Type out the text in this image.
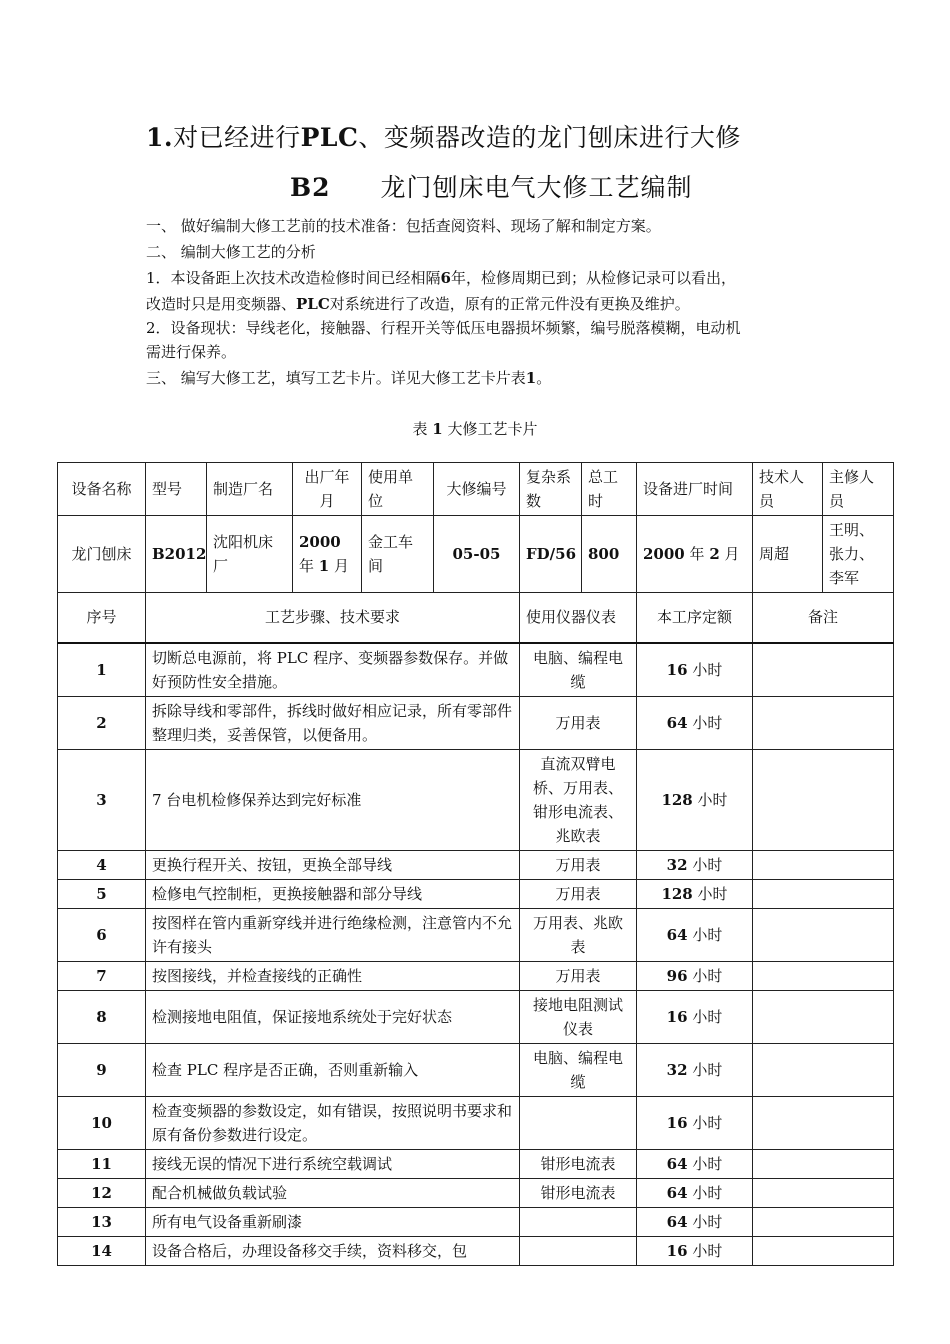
1.对已经进行PLC、变频器改造的龙门刨床进行大修
B2 龙门刨床电气大修工艺编制
一、 做好编制大修工艺前的技术准备：包括查阅资料、现场了解和制定方案。
二、 编制大修工艺的分析
1．本设备距上次技术改造检修时间已经相隔6年，检修周期已到；从检修记录可以看出，
改造时只是用变频器、PLC对系统进行了改造，原有的正常元件没有更换及维护。
2．设备现状：导线老化，接触器、行程开关等低压电器损坏频繁，编号脱落模糊，电动机
需进行保养。
三、 编写大修工艺，填写工艺卡片。详见大修工艺卡片表1。
表 1 大修工艺卡片
设备名称	型号	制造厂名	出厂年月	使用单位	大修编号	复杂系数	总工时	设备进厂时间	技术人员	主修人员
龙门刨床	B2012	沈阳机床厂	2000 年 1 月	金工车间	05-05	FD/56	800	2000 年 2 月	周超	王明、张力、李军
序号	工艺步骤、技术要求					使用仪器仪表		本工序定额	备注	
1	切断总电源前，将 PLC 程序、变频器参数保存。并做好预防性安全措施。					电脑、编程电缆		16 小时		
2	拆除导线和零部件，拆线时做好相应记录，所有零部件整理归类，妥善保管，以便备用。					万用表		64 小时		
3	7 台电机检修保养达到完好标准					直流双臂电桥、万用表、钳形电流表、兆欧表		128 小时		
4	更换行程开关、按钮，更换全部导线					万用表		32 小时		
5	检修电气控制柜，更换接触器和部分导线					万用表		128 小时		
6	按图样在管内重新穿线并进行绝缘检测，注意管内不允许有接头					万用表、兆欧表		64 小时		
7	按图接线，并检查接线的正确性					万用表		96 小时		
8	检测接地电阻值，保证接地系统处于完好状态					接地电阻测试仪表		16 小时		
9	检查 PLC 程序是否正确，否则重新输入					电脑、编程电缆		32 小时		
10	检查变频器的参数设定，如有错误，按照说明书要求和原有备份参数进行设定。							16 小时		
11	接线无误的情况下进行系统空载调试					钳形电流表		64 小时		
12	配合机械做负载试验					钳形电流表		64 小时		
13	所有电气设备重新刷漆							64 小时		
14	设备合格后，办理设备移交手续，资料移交，包							16 小时		
